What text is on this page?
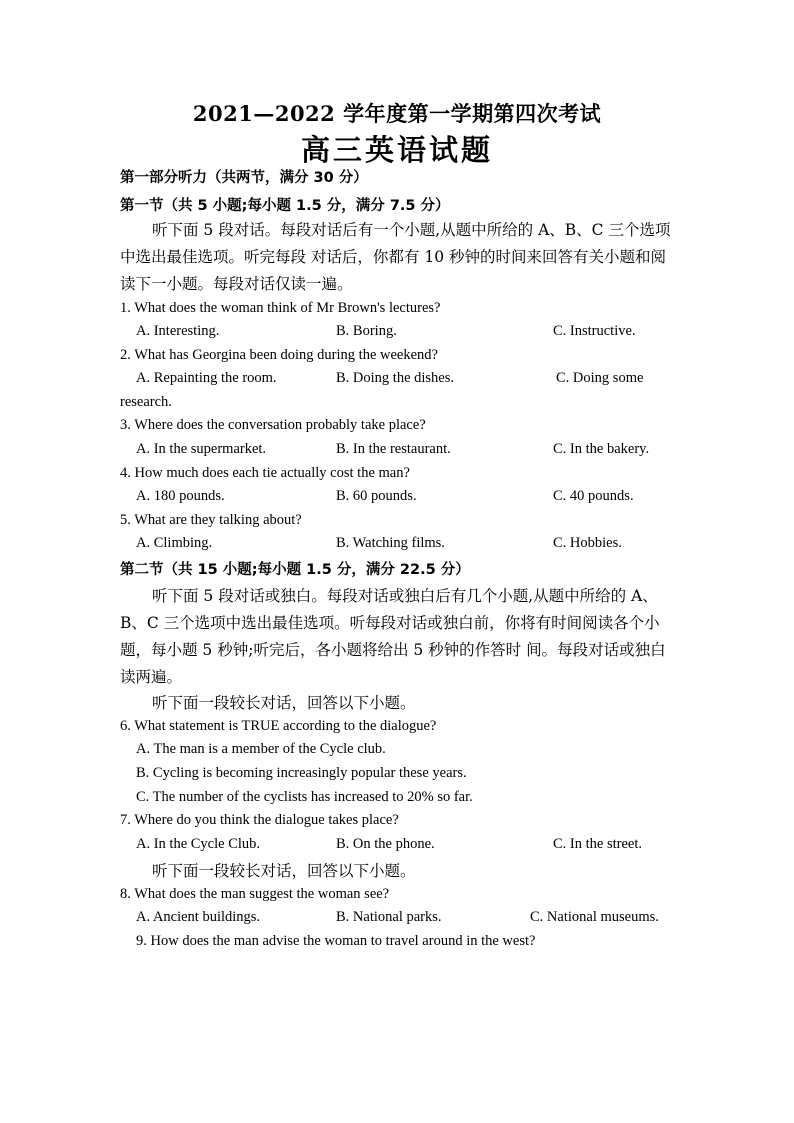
2021—2022 学年度第一学期第四次考试
高三英语试题
第一部分听力（共两节，满分 30 分）
第一节（共 5 小题;每小题 1.5 分，满分 7.5 分）
听下面 5 段对话。每段对话后有一个小题,从题中所给的 A、B、C 三个选项
中选出最佳选项。听完每段 对话后，你都有 10 秒钟的时间来回答有关小题和阅
读下一小题。每段对话仅读一遍。
1. What does the woman think of Mr Brown's lectures?
A. Interesting.	B. Boring.	C. Instructive.
2. What has Georgina been doing during the weekend?
A. Repainting the room.	B. Doing the dishes.	C. Doing some
research.
3. Where does the conversation probably take place?
A. In the supermarket.	B. In the restaurant.	C. In the bakery.
4. How much does each tie actually cost the man?
A. 180 pounds.	B. 60 pounds.	C. 40 pounds.
5. What are they talking about?
A. Climbing.	B. Watching films.	C. Hobbies.
第二节（共 15 小题;每小题 1.5 分，满分 22.5 分）
听下面 5 段对话或独白。每段对话或独白后有几个小题,从题中所给的 A、
B、C 三个选项中选出最佳选项。听每段对话或独白前，你将有时间阅读各个小
题，每小题 5 秒钟;听完后，各小题将给出 5 秒钟的作答时 间。每段对话或独白
读两遍。
听下面一段较长对话，回答以下小题。
6. What statement is TRUE according to the dialogue?
A. The man is a member of the Cycle club.
B. Cycling is becoming increasingly popular these years.
C. The number of the cyclists has increased to 20% so far.
7. Where do you think the dialogue takes place?
A. In the Cycle Club.	B. On the phone.	C. In the street.
听下面一段较长对话，回答以下小题。
8. What does the man suggest the woman see?
A. Ancient buildings.	B. National parks.	C. National museums.
9. How does the man advise the woman to travel around in the west?
